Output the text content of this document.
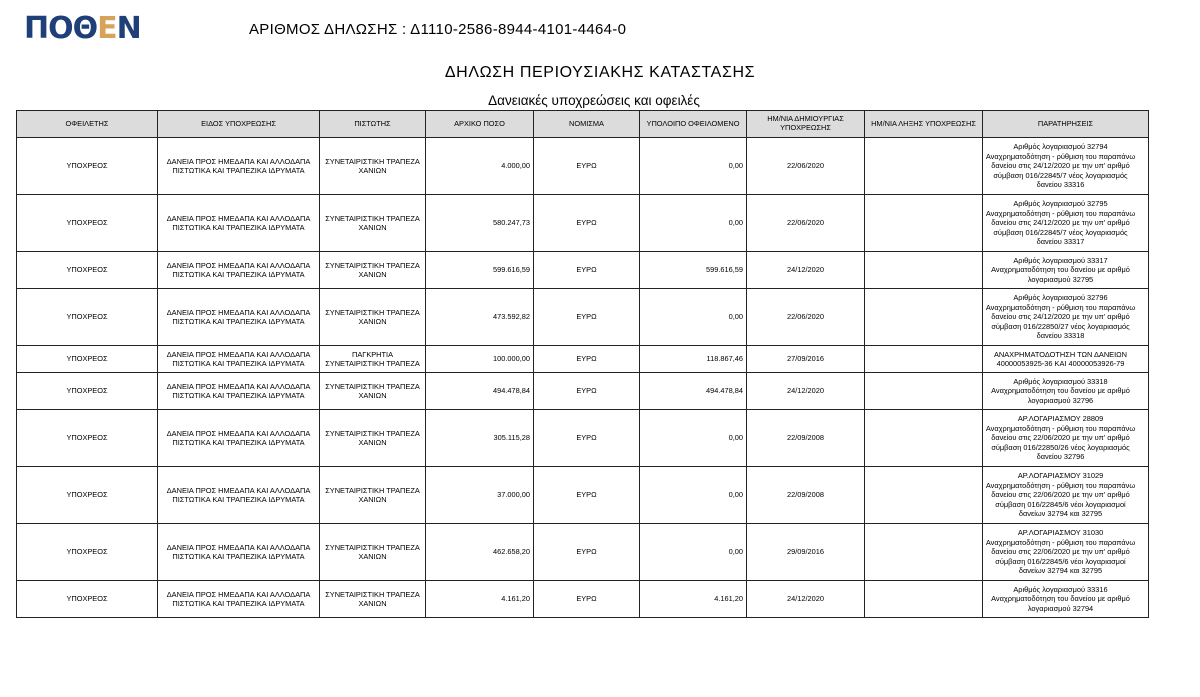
ΠΟΘΕΝ	ΑΡΙΘΜΟΣ ΔΗΛΩΣΗΣ : Δ1110-2586-8944-4101-4464-0
ΔΗΛΩΣΗ ΠΕΡΙΟΥΣΙΑΚΗΣ ΚΑΤΑΣΤΑΣΗΣ
Δανειακές υποχρεώσεις και οφειλές
ΟΦΕΙΛΕΤΗΣ	ΕΙΔΟΣ ΥΠΟΧΡΕΩΣΗΣ	ΠΙΣΤΩΤΗΣ	ΑΡΧΙΚΟ ΠΟΣΟ	ΝΟΜΙΣΜΑ	ΥΠΟΛΟΙΠΟ ΟΦΕΙΛΟΜΕΝΟ	ΗΜ/ΝΙΑ ΔΗΜΙΟΥΡΓΙΑΣ ΥΠΟΧΡΕΩΣΗΣ	ΗΜ/ΝΙΑ ΛΗΞΗΣ ΥΠΟΧΡΕΩΣΗΣ	ΠΑΡΑΤΗΡΗΣΕΙΣ
ΥΠΟΧΡΕΟΣ	ΔΑΝΕΙΑ ΠΡΟΣ ΗΜΕΔΑΠΑ ΚΑΙ ΑΛΛΟΔΑΠΑ ΠΙΣΤΩΤΙΚΑ ΚΑΙ ΤΡΑΠΕΖΙΚΑ ΙΔΡΥΜΑΤΑ	ΣΥΝΕΤΑΙΡΙΣΤΙΚΗ ΤΡΑΠΕΖΑ ΧΑΝΙΩΝ	4.000,00	ΕΥΡΩ	0,00	22/06/2020		Αριθμός λογαριασμού 32794 Αναχρηματοδότηση - ρύθμιση του παραπάνω δανείου στις 24/12/2020 με την υπ' αριθμό σύμβαση 016/22845/7 νέος λογαριασμός δανείου 33316
ΥΠΟΧΡΕΟΣ	ΔΑΝΕΙΑ ΠΡΟΣ ΗΜΕΔΑΠΑ ΚΑΙ ΑΛΛΟΔΑΠΑ ΠΙΣΤΩΤΙΚΑ ΚΑΙ ΤΡΑΠΕΖΙΚΑ ΙΔΡΥΜΑΤΑ	ΣΥΝΕΤΑΙΡΙΣΤΙΚΗ ΤΡΑΠΕΖΑ ΧΑΝΙΩΝ	580.247,73	ΕΥΡΩ	0,00	22/06/2020		Αριθμός λογαριασμού 32795 Αναχρηματοδότηση - ρύθμιση του παραπάνω δανείου στις 24/12/2020 με την υπ' αριθμό σύμβαση 016/22845/7 νέος λογαριασμός δανείου 33317
ΥΠΟΧΡΕΟΣ	ΔΑΝΕΙΑ ΠΡΟΣ ΗΜΕΔΑΠΑ ΚΑΙ ΑΛΛΟΔΑΠΑ ΠΙΣΤΩΤΙΚΑ ΚΑΙ ΤΡΑΠΕΖΙΚΑ ΙΔΡΥΜΑΤΑ	ΣΥΝΕΤΑΙΡΙΣΤΙΚΗ ΤΡΑΠΕΖΑ ΧΑΝΙΩΝ	599.616,59	ΕΥΡΩ	599.616,59	24/12/2020		Αριθμός λογαριασμού 33317 Αναχρηματοδότηση του δανείου με αριθμό λογαριασμού 32795
ΥΠΟΧΡΕΟΣ	ΔΑΝΕΙΑ ΠΡΟΣ ΗΜΕΔΑΠΑ ΚΑΙ ΑΛΛΟΔΑΠΑ ΠΙΣΤΩΤΙΚΑ ΚΑΙ ΤΡΑΠΕΖΙΚΑ ΙΔΡΥΜΑΤΑ	ΣΥΝΕΤΑΙΡΙΣΤΙΚΗ ΤΡΑΠΕΖΑ ΧΑΝΙΩΝ	473.592,82	ΕΥΡΩ	0,00	22/06/2020		Αριθμός λογαριασμού 32796 Αναχρηματοδότηση - ρύθμιση του παραπάνω δανείου στις 24/12/2020 με την υπ' αριθμό σύμβαση 016/22850/27 νέος λογαριασμός δανείου 33318
ΥΠΟΧΡΕΟΣ	ΔΑΝΕΙΑ ΠΡΟΣ ΗΜΕΔΑΠΑ ΚΑΙ ΑΛΛΟΔΑΠΑ ΠΙΣΤΩΤΙΚΑ ΚΑΙ ΤΡΑΠΕΖΙΚΑ ΙΔΡΥΜΑΤΑ	ΠΑΓΚΡΗΤΙΑ ΣΥΝΕΤΑΙΡΙΣΤΙΚΗ ΤΡΑΠΕΖΑ	100.000,00	ΕΥΡΩ	118.867,46	27/09/2016		ΑΝΑΧΡΗΜΑΤΟΔΟΤΗΣΗ ΤΩΝ ΔΑΝΕΙΩΝ 40000053925-36 ΚΑΙ 40000053926-79
ΥΠΟΧΡΕΟΣ	ΔΑΝΕΙΑ ΠΡΟΣ ΗΜΕΔΑΠΑ ΚΑΙ ΑΛΛΟΔΑΠΑ ΠΙΣΤΩΤΙΚΑ ΚΑΙ ΤΡΑΠΕΖΙΚΑ ΙΔΡΥΜΑΤΑ	ΣΥΝΕΤΑΙΡΙΣΤΙΚΗ ΤΡΑΠΕΖΑ ΧΑΝΙΩΝ	494.478,84	ΕΥΡΩ	494.478,84	24/12/2020		Αριθμός λογαριασμού 33318 Αναχρηματοδότηση του δανείου με αριθμό λογαριασμού 32796
ΥΠΟΧΡΕΟΣ	ΔΑΝΕΙΑ ΠΡΟΣ ΗΜΕΔΑΠΑ ΚΑΙ ΑΛΛΟΔΑΠΑ ΠΙΣΤΩΤΙΚΑ ΚΑΙ ΤΡΑΠΕΖΙΚΑ ΙΔΡΥΜΑΤΑ	ΣΥΝΕΤΑΙΡΙΣΤΙΚΗ ΤΡΑΠΕΖΑ ΧΑΝΙΩΝ	305.115,28	ΕΥΡΩ	0,00	22/09/2008		ΑΡ.ΛΟΓΑΡΙΑΣΜΟΥ 28809 Αναχρηματοδότηση - ρύθμιση του παραπάνω δανείου στις 22/06/2020 με την υπ' αριθμό σύμβαση 016/22850/26 νέος λογαριασμός δανείου 32796
ΥΠΟΧΡΕΟΣ	ΔΑΝΕΙΑ ΠΡΟΣ ΗΜΕΔΑΠΑ ΚΑΙ ΑΛΛΟΔΑΠΑ ΠΙΣΤΩΤΙΚΑ ΚΑΙ ΤΡΑΠΕΖΙΚΑ ΙΔΡΥΜΑΤΑ	ΣΥΝΕΤΑΙΡΙΣΤΙΚΗ ΤΡΑΠΕΖΑ ΧΑΝΙΩΝ	37.000,00	ΕΥΡΩ	0,00	22/09/2008		ΑΡ.ΛΟΓΑΡΙΑΣΜΟΥ 31029 Αναχρηματοδότηση - ρύθμιση του παραπάνω δανείου στις 22/06/2020 με την υπ' αριθμό σύμβαση 016/22845/6 νέοι λογαριασμοί δανείων 32794 και 32795
ΥΠΟΧΡΕΟΣ	ΔΑΝΕΙΑ ΠΡΟΣ ΗΜΕΔΑΠΑ ΚΑΙ ΑΛΛΟΔΑΠΑ ΠΙΣΤΩΤΙΚΑ ΚΑΙ ΤΡΑΠΕΖΙΚΑ ΙΔΡΥΜΑΤΑ	ΣΥΝΕΤΑΙΡΙΣΤΙΚΗ ΤΡΑΠΕΖΑ ΧΑΝΙΩΝ	462.658,20	ΕΥΡΩ	0,00	29/09/2016		ΑΡ.ΛΟΓΑΡΙΑΣΜΟΥ 31030 Αναχρηματοδότηση - ρύθμιση του παραπάνω δανείου στις 22/06/2020 με την υπ' αριθμό σύμβαση 016/22845/6 νέοι λογαριασμοί δανείων 32794 και 32795
ΥΠΟΧΡΕΟΣ	ΔΑΝΕΙΑ ΠΡΟΣ ΗΜΕΔΑΠΑ ΚΑΙ ΑΛΛΟΔΑΠΑ ΠΙΣΤΩΤΙΚΑ ΚΑΙ ΤΡΑΠΕΖΙΚΑ ΙΔΡΥΜΑΤΑ	ΣΥΝΕΤΑΙΡΙΣΤΙΚΗ ΤΡΑΠΕΖΑ ΧΑΝΙΩΝ	4.161,20	ΕΥΡΩ	4.161,20	24/12/2020		Αριθμός λογαριασμού 33316 Αναχρηματοδότηση του δανείου με αριθμό λογαριασμού 32794
